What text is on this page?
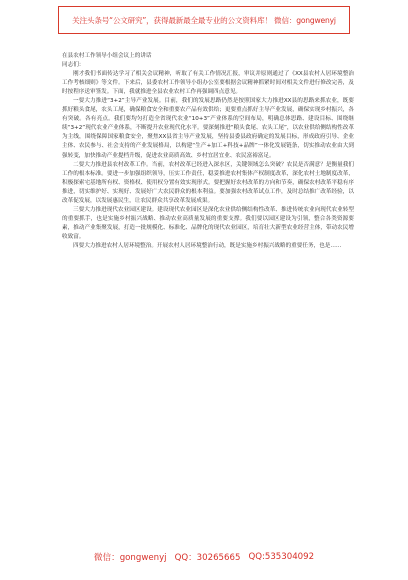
关注头条号“公文研究”，获得最新最全最专业的公文资料库！ 微信：gongwenyj

在县农村工作领导小组会议上的讲话

同志们：

刚才我们书面传达学习了相关会议精神，听取了有关工作情况汇报，审议并原则通过了《XX县农村人居环境整治工作考核细则》等文件。下来后，县委农村工作领导小组办公室要根据会议精神抓紧时间对相关文件进行修改完善，及时按程序送审签发。下面，我就推进全县农业农村工作再强调四点意见。

一要大力推进“3+2”主导产业发展。目前，我们的发展思路仍然是按照国家大力推进XX县的思路来抓农业，既要抓好粮头食尾，农头工尾，确保粮食安全和重要农产品有效供给；更要重点抓好主导产业发展，确保实现乡村振兴，各有突破。各有亮点。我们要均匀打造全省现代农业“10+3”产业体系的空间布局，明确总体思路、建设目标、围绕继续“3+2”现代农业产业体系，不断提升农业现代化水平。要深刻推进“粮头食尾、农头工尾”，以农业供给侧结构性改革为主线，围绕保障国家粮食安全，聚焦XX县省主导产业发展，坚持县委县政府确定的发展目标，形成政府引导、企业主体、农民参与、社会支持的产业发展格局，以构建“生产+加工+科技+品牌”一体化发展链条，切实推动农业由大到强转变，加快推动产业提档升级，促进农业高质高效、乡村宜居宜业、农民富裕富足。

二要大力推进县农村改革工作。当前，农村改革已经进入深水区，关键领域怎么突破？农民是否满意？是衡量我们工作的根本标准。要进一步加强组织领导，压实工作责任，稳妥推进农村集体产权制度改革，深化农村土地制度改革，积极探索宅基地所有权、资格权、使用权分置有效实现形式。要把握好农村改革的方向和节奏，确保农村改革平稳有序推进，切实维护好、实现好、发展好广大农民群众的根本利益。要加强农村改革试点工作，及时总结推广改革经验，以改革促发展，以发展惠民生，让农民群众共享改革发展成果。

三要大力推进现代农业园区建设。建设现代农业园区是深化农业供给侧结构性改革、推进传统农业向现代农业转型的重要抓手，也是实施乡村振兴战略、推动农业高质量发展的重要支撑。我们要以园区建设为引领，整合各类资源要素，推动产业集聚发展，打造一批规模化、标准化、品牌化的现代农业园区，培育壮大新型农业经营主体，带动农民增收致富。

四要大力推进农村人居环境整治。开展农村人居环境整治行动，既是实施乡村振兴战略的重要任务，也是……

微信：gongwenyj QQ：30265665 QQ:535304092
